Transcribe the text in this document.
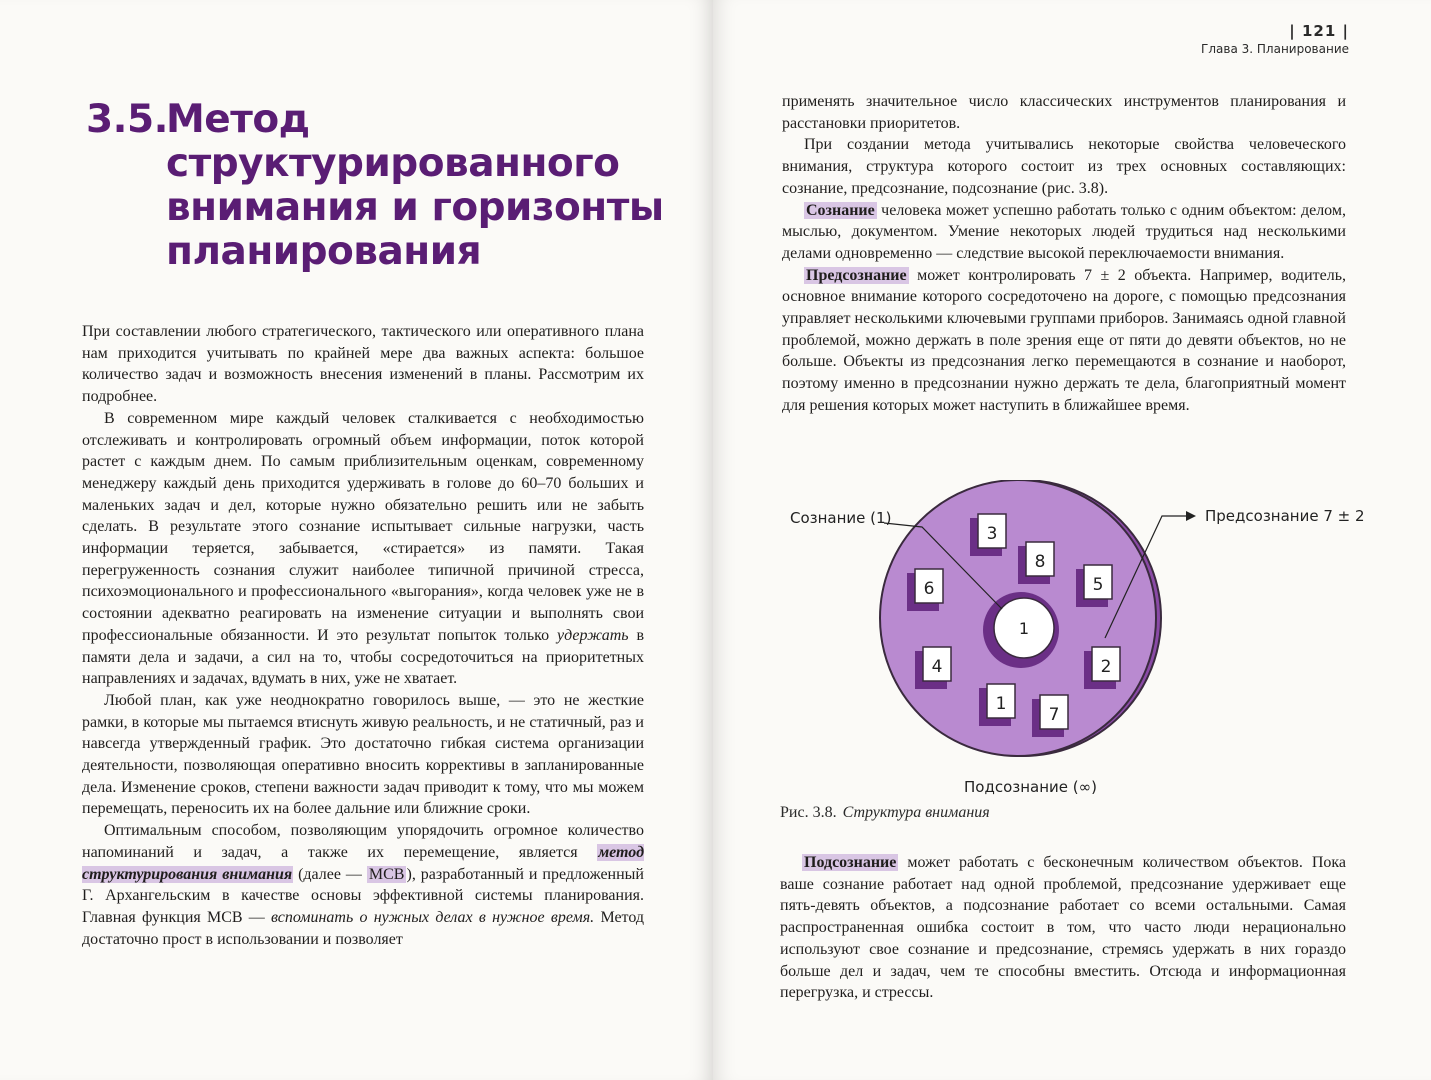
3.5.Метод
структурированного
внимания и горизонты
планирования

При составлении любого стратегического, тактического или оперативного плана нам приходится учитывать по крайней мере два важных аспекта: большое количество задач и возможность внесения изменений в планы. Рассмотрим их подробнее.

В современном мире каждый человек сталкивается с необходимостью отслеживать и контролировать огромный объем информации, поток которой растет с каждым днем. По самым приблизительным оценкам, современному менеджеру каждый день приходится удерживать в голове до 60–70 больших и маленьких задач и дел, которые нужно обязательно решить или не забыть сделать. В результате этого сознание испытывает сильные нагрузки, часть информации теряется, забывается, «стирается» из памяти. Такая перегруженность сознания служит наиболее типичной причиной стресса, психоэмоционального и профессионального «выгорания», когда человек уже не в состоянии адекватно реагировать на изменение ситуации и выполнять свои профессиональные обязанности. И это результат попыток только удержать в памяти дела и задачи, а сил на то, чтобы сосредоточиться на приоритетных направлениях и задачах, вдумать в них, уже не хватает.

Любой план, как уже неоднократно говорилось выше, — это не жесткие рамки, в которые мы пытаемся втиснуть живую реальность, и не статичный, раз и навсегда утвержденный график. Это достаточно гибкая система организации деятельности, позволяющая оперативно вносить коррективы в запланированные дела. Изменение сроков, степени важности задач приводит к тому, что мы можем перемещать, переносить их на более дальние или ближние сроки.

Оптимальным способом, позволяющим упорядочить огромное количество напоминаний и задач, а также их перемещение, является метод структурирования внимания (далее — МСВ ), разработанный и предложенный Г. Архангельским в качестве основы эффективной системы планирования. Главная функция МСВ — вспоминать о нужных делах в нужное время. Метод достаточно прост в использовании и позволяет

| 121 |
Глава 3. Планирование

применять значительное число классических инструментов планирования и расстановки приоритетов.

При создании метода учитывались некоторые свойства человеческого внимания, структура которого состоит из трех основных составляющих: сознание, предсознание, подсознание (рис. 3.8).

Сознание человека может успешно работать только с одним объектом: делом, мыслью, документом. Умение некоторых людей трудиться над несколькими делами одновременно — следствие высокой переключаемости внимания.

Предсознание может контролировать 7 ± 2 объекта. Например, водитель, основное внимание которого сосредоточено на дороге, с помощью предсознания управляет несколькими ключевыми группами приборов. Занимаясь одной главной проблемой, можно держать в поле зрения еще от пяти до девяти объектов, но не больше. Объекты из предсознания легко перемещаются в сознание и наоборот, поэтому именно в предсознании нужно держать те дела, благоприятный момент для решения которых может наступить в ближайшее время.

1
3
8
6	5
4	2
1
7
Сознание (1)	Предсознание 7 ± 2
Подсознание (∞)
Рис. 3.8. Структура внимания

Подсознание может работать с бесконечным количеством объектов. Пока ваше сознание работает над одной проблемой, предсознание удерживает еще пять-девять объектов, а подсознание работает со всеми остальными. Самая распространенная ошибка состоит в том, что часто люди нерационально используют свое сознание и предсознание, стремясь удержать в них гораздо больше дел и задач, чем те способны вместить. Отсюда и информационная перегрузка, и стрессы.
